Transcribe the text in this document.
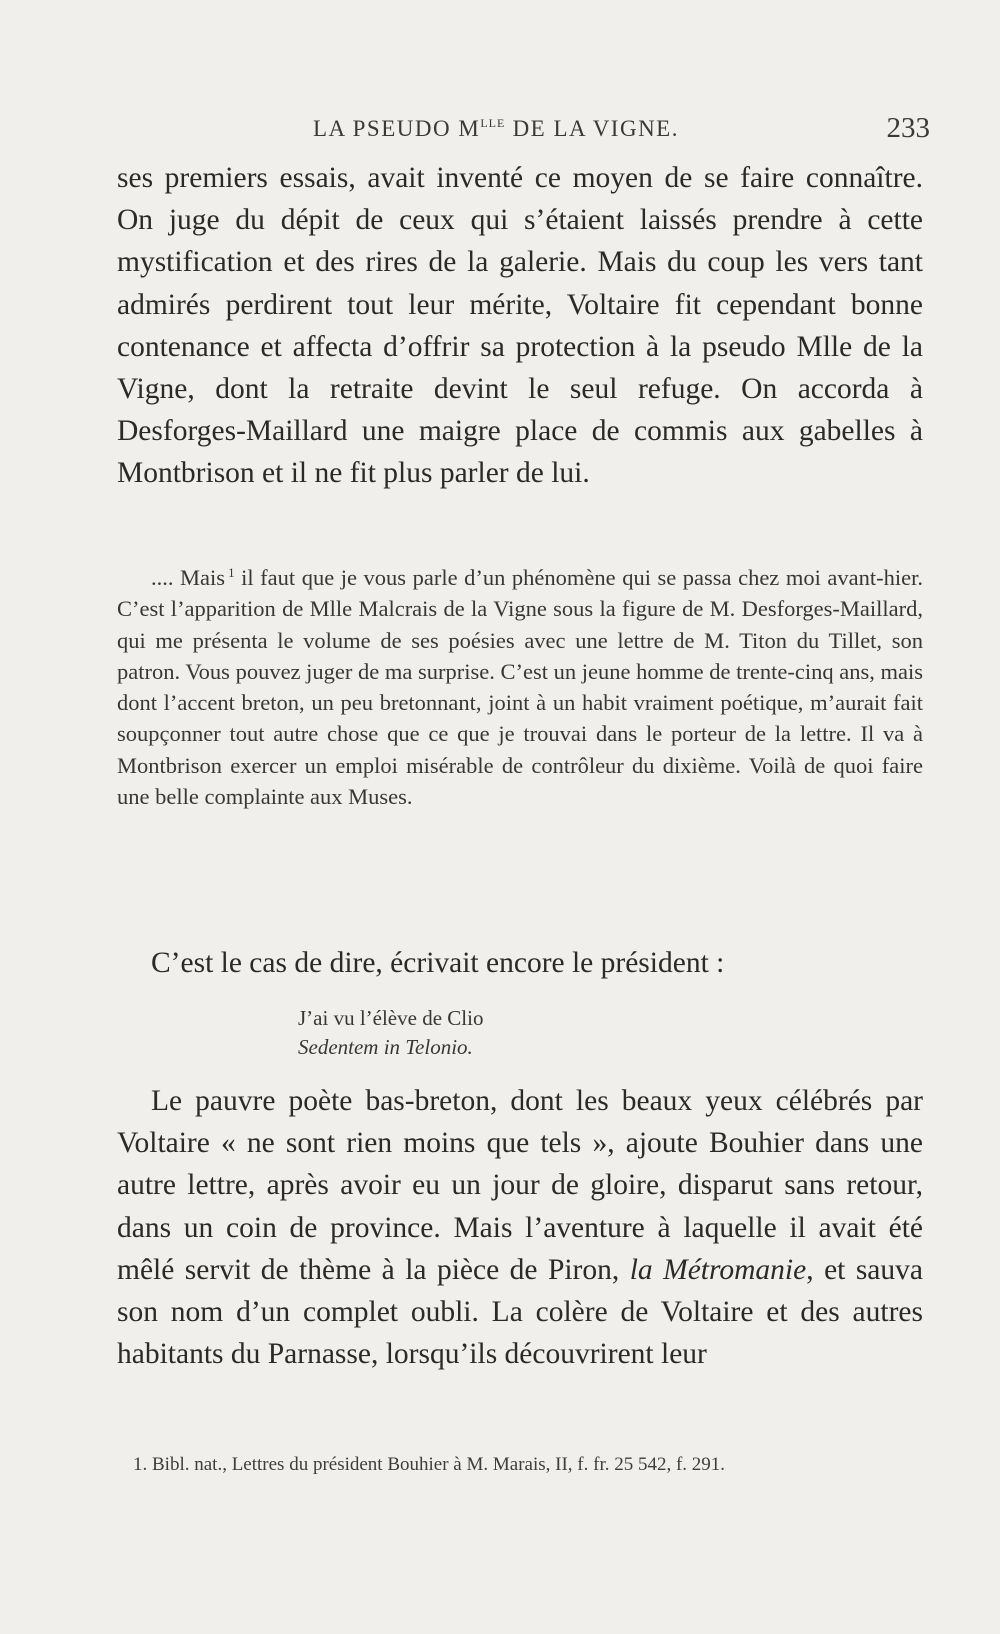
LA PSEUDO $M^{LLE}$ DE LA VIGNE.	233

ses premiers essais, avait inventé ce moyen de se faire connaître. On juge du dépit de ceux qui s’étaient laissés prendre à cette mystification et des rires de la galerie. Mais du coup les vers tant admirés perdirent tout leur mérite, Voltaire fit cependant bonne contenance et affecta d’offrir sa protection à la pseudo Mlle de la Vigne, dont la retraite devint le seul refuge. On accorda à Desforges-Maillard une maigre place de commis aux gabelles à Montbrison et il ne fit plus parler de lui.

.... Mais $^1$ il faut que je vous parle d’un phénomène qui se passa chez moi avant-hier. C’est l’apparition de Mlle Malcrais de la Vigne sous la figure de M. Desforges-Maillard, qui me présenta le volume de ses poésies avec une lettre de M. Titon du Tillet, son patron. Vous pouvez juger de ma surprise. C’est un jeune homme de trente-cinq ans, mais dont l’accent breton, un peu bretonnant, joint à un habit vraiment poétique, m’aurait fait soupçonner tout autre chose que ce que je trouvai dans le porteur de la lettre. Il va à Montbrison exercer un emploi misérable de contrôleur du dixième. Voilà de quoi faire une belle complainte aux Muses.

C’est le cas de dire, écrivait encore le président :

J’ai vu l’élève de Clio
Sedentem in Telonio.

Le pauvre poète bas-breton, dont les beaux yeux célébrés par Voltaire « ne sont rien moins que tels », ajoute Bouhier dans une autre lettre, après avoir eu un jour de gloire, disparut sans retour, dans un coin de province. Mais l’aventure à laquelle il avait été mêlé servit de thème à la pièce de Piron, la Métromanie, et sauva son nom d’un complet oubli. La colère de Voltaire et des autres habitants du Parnasse, lorsqu’ils découvrirent leur

1. Bibl. nat., Lettres du président Bouhier à M. Marais, II, f. fr. 25 542, f. 291.
